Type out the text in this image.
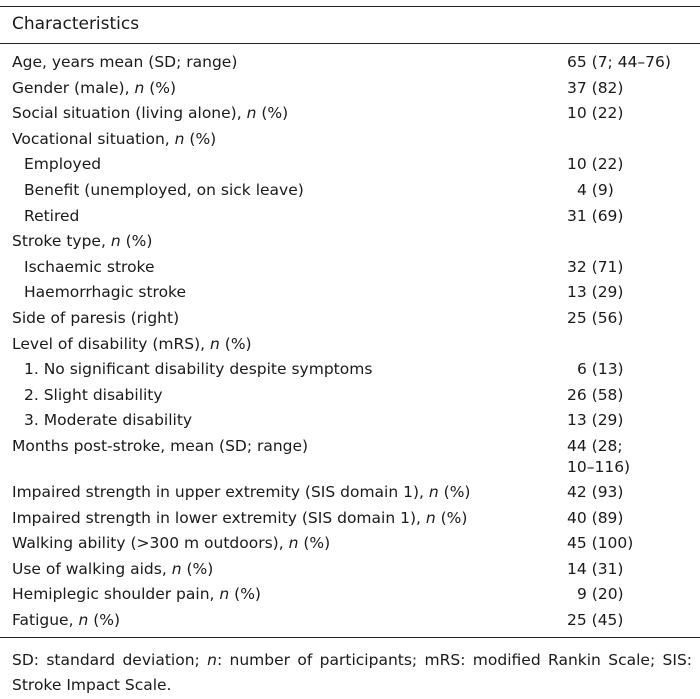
Characteristics
Age, years mean (SD; range)	65 (7; 44–76)
Gender (male), n (%)	37 (82)
Social situation (living alone), n (%)	10 (22)
Vocational situation, n (%)
Employed	10 (22)
Benefit (unemployed, on sick leave)	4 (9)
Retired	31 (69)
Stroke type, n (%)
Ischaemic stroke	32 (71)
Haemorrhagic stroke	13 (29)
Side of paresis (right)	25 (56)
Level of disability (mRS), n (%)
1. No significant disability despite symptoms	6 (13)
2. Slight disability	26 (58)
3. Moderate disability	13 (29)
Months post-stroke, mean (SD; range)	44 (28;
10–116)
Impaired strength in upper extremity (SIS domain 1), n (%)	42 (93)
Impaired strength in lower extremity (SIS domain 1), n (%)	40 (89)
Walking ability (>300 m outdoors), n (%)	45 (100)
Use of walking aids, n (%)	14 (31)
Hemiplegic shoulder pain, n (%)	9 (20)
Fatigue, n (%)	25 (45)
SD: standard deviation; n: number of participants; mRS: modified Rankin Scale; SIS: Stroke Impact Scale.
